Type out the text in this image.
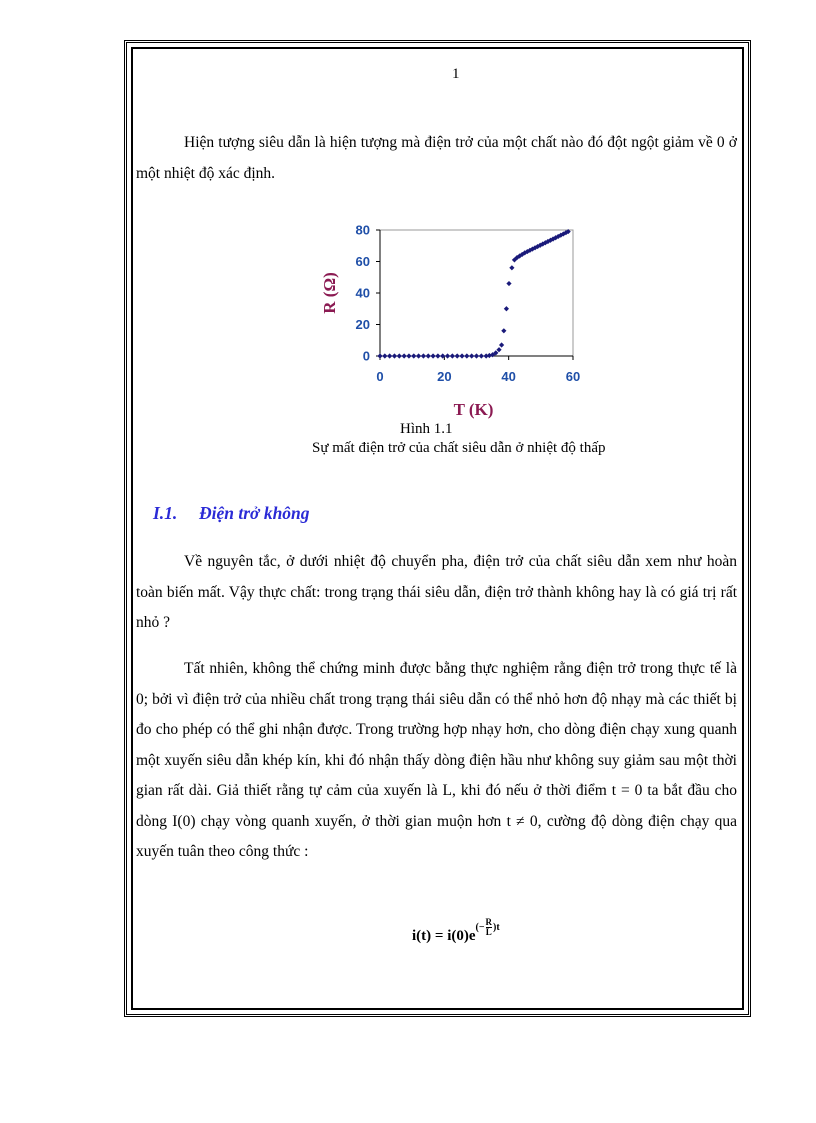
1
Hiện tượng siêu dẫn là hiện tượng mà điện trở của một chất nào đó đột ngột giảm về 0 ở một nhiệt độ xác định.
0
20
40
60
80
0	20	40	60
T (K)
R (Ω)
Hình 1.1
Sự mất điện trở của chất siêu dẫn ở nhiệt độ thấp
I.1. Điện trở không
Về nguyên tắc, ở dưới nhiệt độ chuyển pha, điện trở của chất siêu dẫn xem như hoàn toàn biến mất. Vậy thực chất: trong trạng thái siêu dẫn, điện trở thành không hay là có giá trị rất nhỏ ?
Tất nhiên, không thể chứng minh được bằng thực nghiệm rằng điện trở trong thực tế là 0; bởi vì điện trở của nhiều chất trong trạng thái siêu dẫn có thể nhỏ hơn độ nhạy mà các thiết bị đo cho phép có thể ghi nhận được. Trong trường hợp nhạy hơn, cho dòng điện chạy xung quanh một xuyến siêu dẫn khép kín, khi đó nhận thấy dòng điện hầu như không suy giảm sau một thời gian rất dài. Giả thiết rằng tự cảm của xuyến là L, khi đó nếu ở thời điểm t = 0 ta bắt đầu cho dòng I(0) chạy vòng quanh xuyến, ở thời gian muộn hơn t ≠ 0, cường độ dòng điện chạy qua xuyến tuân theo công thức :
$i(t) = i(0)e^{(- \frac{R}{L} )t}$
